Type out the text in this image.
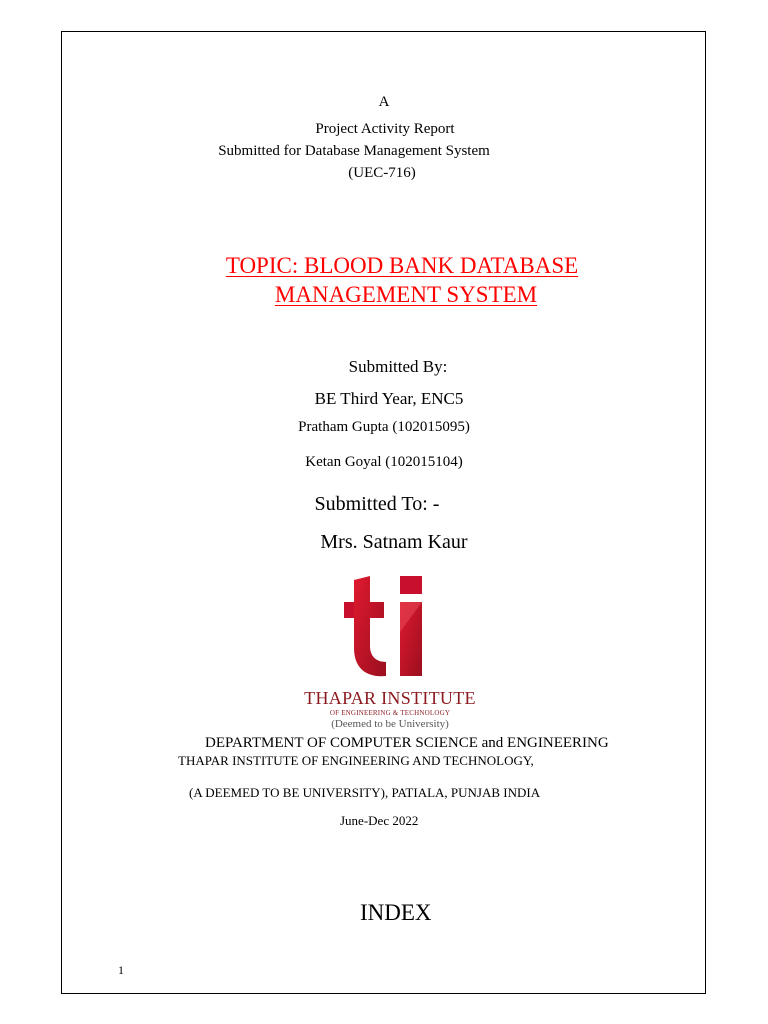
A
Project Activity Report
Submitted for Database Management System
(UEC-716)
TOPIC: BLOOD BANK DATABASE
MANAGEMENT SYSTEM
Submitted By:
BE Third Year, ENC5
Pratham Gupta (102015095)
Ketan Goyal (102015104)
Submitted To: -
Mrs. Satnam Kaur
THAPAR INSTITUTE
OF ENGINEERING & TECHNOLOGY
(Deemed to be University)
DEPARTMENT OF COMPUTER SCIENCE and ENGINEERING
THAPAR INSTITUTE OF ENGINEERING AND TECHNOLOGY,
(A DEEMED TO BE UNIVERSITY), PATIALA, PUNJAB INDIA
June-Dec 2022
INDEX
1
